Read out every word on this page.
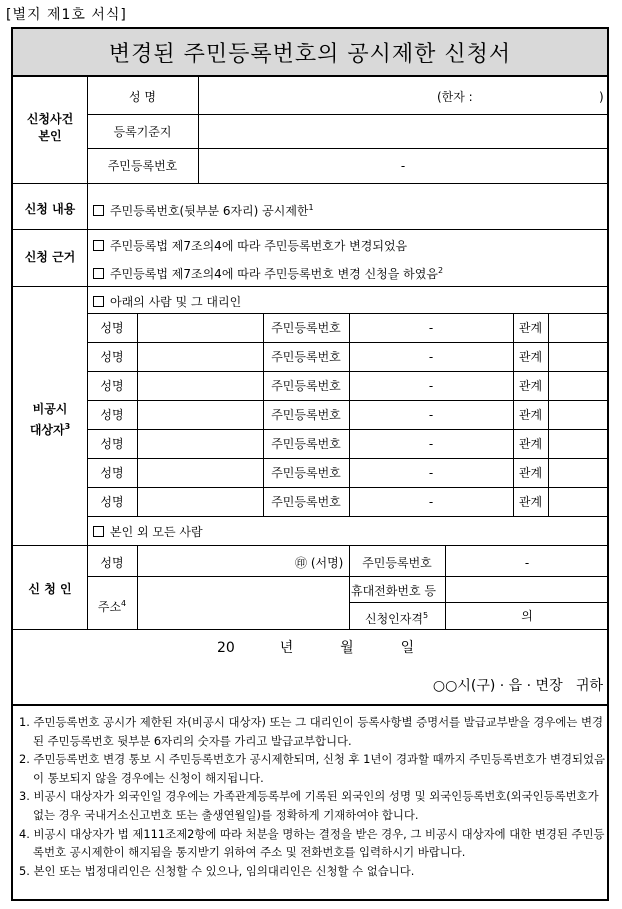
[별지 제1호 서식]
변경된 주민등록번호의 공시제한 신청서
신청사건
본인
성 명	(한자 :	)
등록기준지
주민등록번호	-
신청 내용	주민등록번호(뒷부분 6자리) 공시제한$^1$
신청 근거
주민등록법 제7조의4에 따라 주민등록번호가 변경되었음
주민등록법 제7조의4에 따라 주민등록번호 변경 신청을 하였음$^2$
비공시
대상자$^3$
아래의 사람 및 그 대리인
성명	주민등록번호	-	관계
성명	주민등록번호	-	관계
성명	주민등록번호	-	관계
성명	주민등록번호	-	관계
성명	주민등록번호	-	관계
성명	주민등록번호	-	관계
성명	주민등록번호	-	관계
본인 외 모든 사람
신 청 인
성명	㊞ (서명)	주민등록번호	-
주소$^4$
휴대전화번호 등
신청인자격$^5$	의
20	년	월	일
○○시(구) · 읍 · 면장   귀하
1. 주민등록번호 공시가 제한된 자(비공시 대상자) 또는 그 대리인이 등록사항별 증명서를 발급교부받을 경우에는 변경된 주민등록번호 뒷부분 6자리의 숫자를 가리고 발급교부합니다.
2. 주민등록번호 변경 통보 시 주민등록번호가 공시제한되며, 신청 후 1년이 경과할 때까지 주민등록번호가 변경되었음이 통보되지 않을 경우에는 신청이 해지됩니다.
3. 비공시 대상자가 외국인일 경우에는 가족관계등록부에 기록된 외국인의 성명 및 외국인등록번호(외국인등록번호가 없는 경우 국내거소신고번호 또는 출생연월일)를 정확하게 기재하여야 합니다.
4. 비공시 대상자가 법 제111조제2항에 따라 처분을 명하는 결정을 받은 경우, 그 비공시 대상자에 대한 변경된 주민등록번호 공시제한이 해지됨을 통지받기 위하여 주소 및 전화번호를 입력하시기 바랍니다.
5. 본인 또는 법정대리인은 신청할 수 있으나, 임의대리인은 신청할 수 없습니다.
